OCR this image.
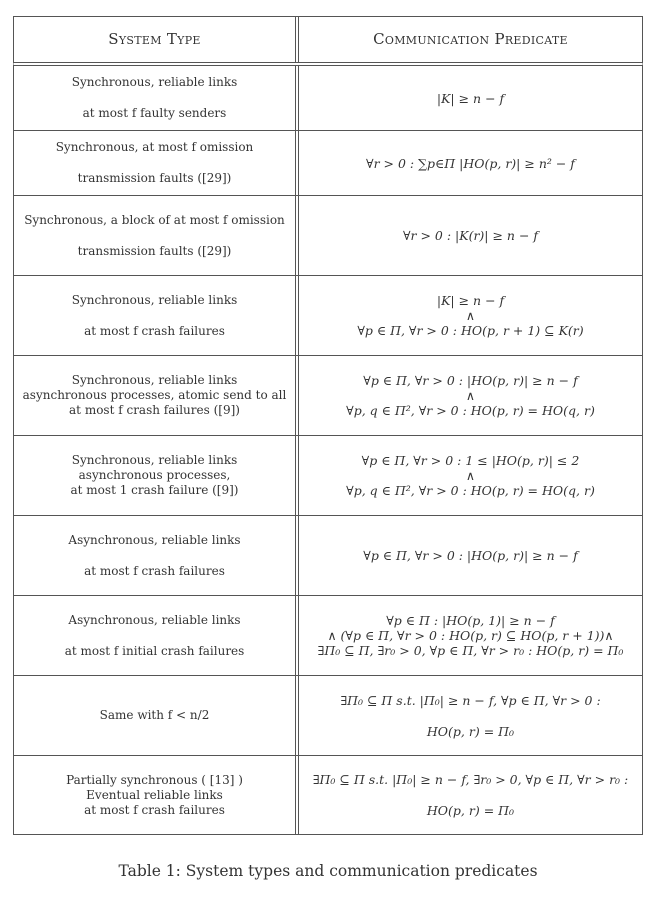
System Type	Communication Predicate
Synchronous, reliable links
at most f faulty senders
|K| ≥ n − f
Synchronous, at most f omission
transmission faults ([29])
∀r > 0 : ∑p∈Π |HO(p, r)| ≥ n² − f
Synchronous, a block of at most f omission
transmission faults ([29])
∀r > 0 : |K(r)| ≥ n − f
Synchronous, reliable links
at most f crash failures
|K| ≥ n − f
∧
∀p ∈ Π, ∀r > 0 : HO(p, r + 1) ⊆ K(r)
Synchronous, reliable links
asynchronous processes, atomic send to all
at most f crash failures ([9])
∀p ∈ Π, ∀r > 0 : |HO(p, r)| ≥ n − f
∧
∀p, q ∈ Π², ∀r > 0 : HO(p, r) = HO(q, r)
Synchronous, reliable links
asynchronous processes,
at most 1 crash failure ([9])
∀p ∈ Π, ∀r > 0 : 1 ≤ |HO(p, r)| ≤ 2
∧
∀p, q ∈ Π², ∀r > 0 : HO(p, r) = HO(q, r)
Asynchronous, reliable links
at most f crash failures
∀p ∈ Π, ∀r > 0 : |HO(p, r)| ≥ n − f
Asynchronous, reliable links
at most f initial crash failures
∀p ∈ Π : |HO(p, 1)| ≥ n − f
∧ (∀p ∈ Π, ∀r > 0 : HO(p, r) ⊆ HO(p, r + 1))∧
∃Π₀ ⊆ Π, ∃r₀ > 0, ∀p ∈ Π, ∀r > r₀ : HO(p, r) = Π₀
Same with f < n/2
∃Π₀ ⊆ Π s.t. |Π₀| ≥ n − f, ∀p ∈ Π, ∀r > 0 :
HO(p, r) = Π₀
Partially synchronous ( [13] )
Eventual reliable links
at most f crash failures
∃Π₀ ⊆ Π s.t. |Π₀| ≥ n − f, ∃r₀ > 0, ∀p ∈ Π, ∀r > r₀ :
HO(p, r) = Π₀
Table 1: System types and communication predicates
